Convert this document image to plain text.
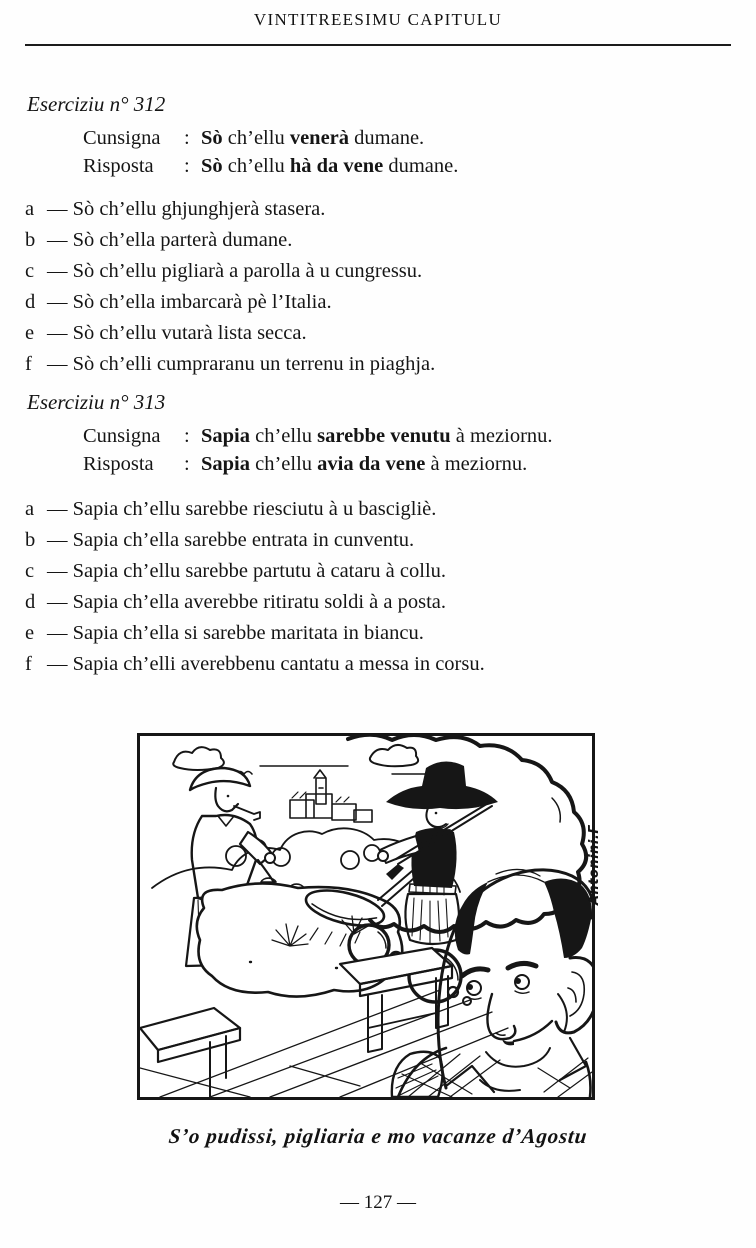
VINTITREESIMU CAPITULU
Eserciziu n° 312
Cunsigna	: Sò ch’ellu venerà dumane.
Risposta	: Sò ch’ellu hà da vene dumane.
a — Sò ch’ellu ghjunghjerà stasera.
b — Sò ch’ella parterà dumane.
c — Sò ch’ellu pigliarà a parolla à u cungressu.
d — Sò ch’ella imbarcarà pè l’Italia.
e — Sò ch’ellu vutarà lista secca.
f — Sò ch’elli cumpraranu un terrenu in piaghja.
Eserciziu n° 313
Cunsigna	: Sapia ch’ellu sarebbe venutu à meziornu.
Risposta	: Sapia ch’ellu avia da vene à meziornu.
a — Sapia ch’ellu sarebbe riesciutu à u bascigliè.
b — Sapia ch’ella sarebbe entrata in cunventu.
c — Sapia ch’ellu sarebbe partutu à cataru à collu.
d — Sapia ch’ella averebbe ritiratu soldi à a posta.
e — Sapia ch’ella si sarebbe maritata in biancu.
f — Sapia ch’elli averebbenu cantatu a messa in corsu.
Antonini.F
S’o pudissi, pigliaria e mo vacanze d’Agostu
— 127 —
